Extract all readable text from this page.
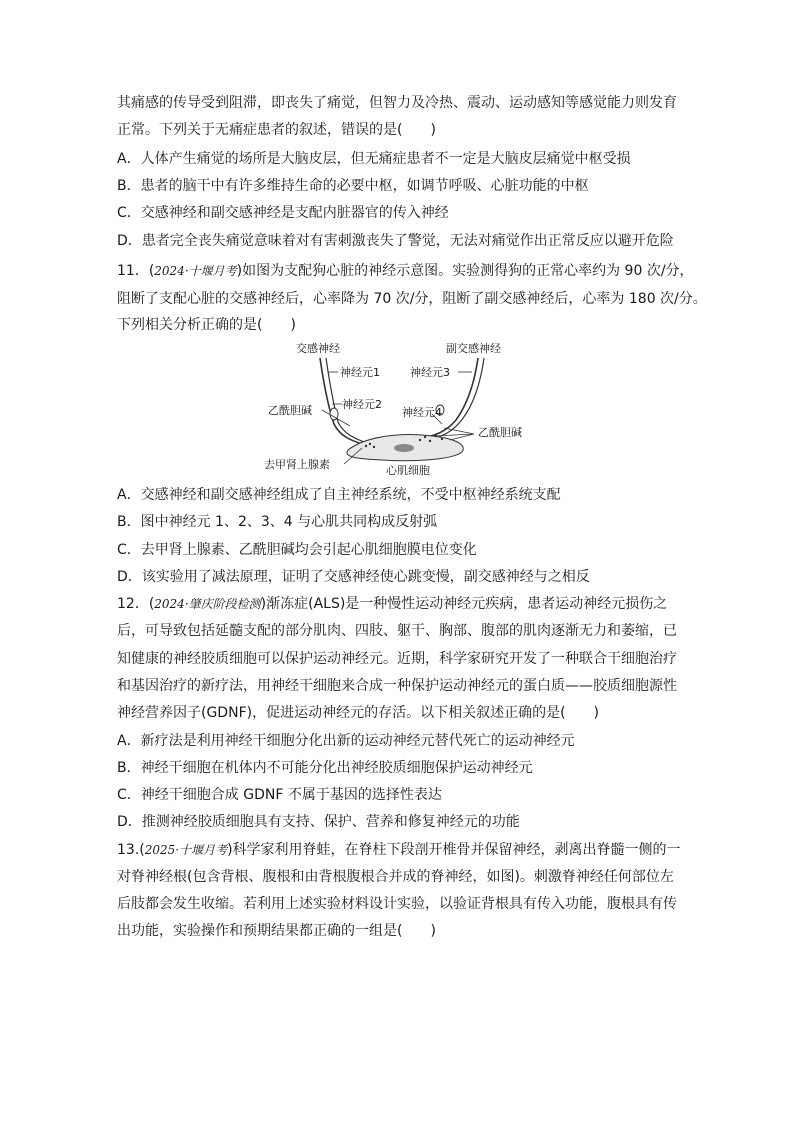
其痛感的传导受到阻滞，即丧失了痛觉，但智力及冷热、震动、运动感知等感觉能力则发育
正常。下列关于无痛症患者的叙述，错误的是(　　)
A．人体产生痛觉的场所是大脑皮层，但无痛症患者不一定是大脑皮层痛觉中枢受损
B．患者的脑干中有许多维持生命的必要中枢，如调节呼吸、心脏功能的中枢
C．交感神经和副交感神经是支配内脏器官的传入神经
D．患者完全丧失痛觉意味着对有害刺激丧失了警觉，无法对痛觉作出正常反应以避开危险
11．(2024·十堰月考)如图为支配狗心脏的神经示意图。实验测得狗的正常心率约为 90 次/分，
阻断了支配心脏的交感神经后，心率降为 70 次/分，阻断了副交感神经后，心率为 180 次/分。
下列相关分析正确的是(　　)
交感神经	副交感神经
神经元1
神经元2
神经元3
神经元4
乙酰胆碱
乙酰胆碱
去甲肾上腺素	心肌细胞
A．交感神经和副交感神经组成了自主神经系统，不受中枢神经系统支配
B．图中神经元 1、2、3、4 与心肌共同构成反射弧
C．去甲肾上腺素、乙酰胆碱均会引起心肌细胞膜电位变化
D．该实验用了减法原理，证明了交感神经使心跳变慢，副交感神经与之相反
12．(2024·肇庆阶段检测)渐冻症(ALS)是一种慢性运动神经元疾病，患者运动神经元损伤之
后，可导致包括延髓支配的部分肌肉、四肢、躯干、胸部、腹部的肌肉逐渐无力和萎缩，已
知健康的神经胶质细胞可以保护运动神经元。近期，科学家研究开发了一种联合干细胞治疗
和基因治疗的新疗法，用神经干细胞来合成一种保护运动神经元的蛋白质——胶质细胞源性
神经营养因子(GDNF)，促进运动神经元的存活。以下相关叙述正确的是(　　)
A．新疗法是利用神经干细胞分化出新的运动神经元替代死亡的运动神经元
B．神经干细胞在机体内不可能分化出神经胶质细胞保护运动神经元
C．神经干细胞合成 GDNF 不属于基因的选择性表达
D．推测神经胶质细胞具有支持、保护、营养和修复神经元的功能
13.(2025·十堰月考)科学家利用脊蛙，在脊柱下段剖开椎骨并保留神经，剥离出脊髓一侧的一
对脊神经根(包含背根、腹根和由背根腹根合并成的脊神经，如图)。刺激脊神经任何部位左
后肢都会发生收缩。若利用上述实验材料设计实验，以验证背根具有传入功能，腹根具有传
出功能，实验操作和预期结果都正确的一组是(　　)
